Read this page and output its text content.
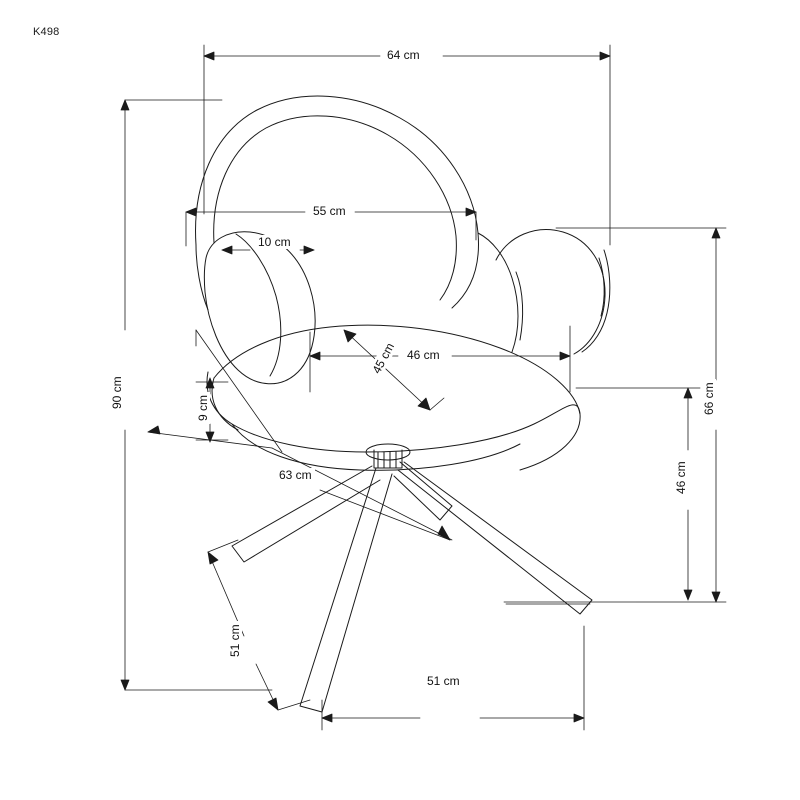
K498
64 cm
55 cm
10 cm
46 cm
45 cm
90 cm	9 cm	66 cm
46 cm
63 cm
51 cm
51 cm
